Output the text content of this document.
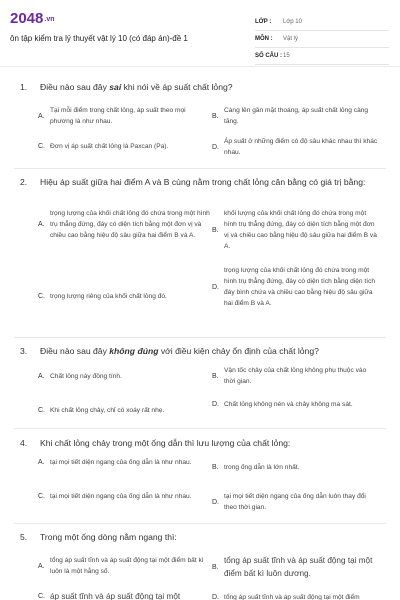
2048.vn
ôn tập kiểm tra lý thuyết vật lý 10 (có đáp án)-đề 1
LỚP :	Lớp 10
MÔN :	Vật lý
SỐ CÂU : 15
1.	Điều nào sau đây sai khi nói về áp suất chất lỏng?
A.
Tại mỗi điểm trong chất lỏng, áp suất theo mọi phương là như nhau.
B.
Càng lên gần mặt thoáng, áp suất chất lỏng càng tăng.
C. Đơn vị áp suất chất lỏng là Paxcan (Pa).	D.
Áp suất ở những điểm có độ sâu khác nhau thì khác nhau.
2.	Hiệu áp suất giữa hai điểm A và B cùng nằm trong chất lỏng cân bằng có giá trị bằng:
A.
trọng lượng của khối chất lỏng đó chứa trong một hình trụ thẳng đứng, đáy có diện tích bằng một đơn vị và chiều cao bằng hiệu độ sâu giữa hai điểm B và A.
B.
khối lượng của khối chất lỏng đó chứa trong một hình trụ thẳng đứng, đáy có diện tích bằng một đơn vị và chiều cao bằng hiệu độ sâu giữa hai điểm B và A.
C. trọng lượng riêng của khối chất lỏng đó.
D.
trọng lượng của khối chất lỏng đó chứa trong một hình trụ thẳng đứng, đáy có diện tích bằng diện tích đáy bình chứa và chiều cao bằng hiệu độ sâu giữa hai điểm B và A.
3.	Điều nào sau đây không đúng với điều kiện chảy ổn định của chất lỏng?
A. Chất lỏng này đồng tính.	B.
Vận tốc chảy của chất lỏng không phụ thuộc vào thời gian.
C. Khi chất lỏng chảy, chỉ có xoáy rất nhẹ.
D. Chất lỏng không nén và chảy không ma sát.
4.	Khi chất lỏng chảy trong một ống dẫn thì lưu lượng của chất lỏng:
A. tại mọi tiết diện ngang của ống dẫn là như nhau.
B. trong ống dẫn là lớn nhất.
C. tại mọi tiết diện ngang của ống dẫn là như nhau.
D.
tại mọi tiết diện ngang của ống dẫn luôn thay đổi theo thời gian.
5.	Trong một ống dòng nằm ngang thì:
A.
tổng áp suất tĩnh và áp suất động tại một điểm bất kì luôn là một hằng số.
B.
tổng áp suất tĩnh và áp suất động tại một điểm bất kì luôn dương.
C. áp suất tĩnh và áp suất động tại một	D. tổng áp suất tĩnh và áp suất động tại một điểm
